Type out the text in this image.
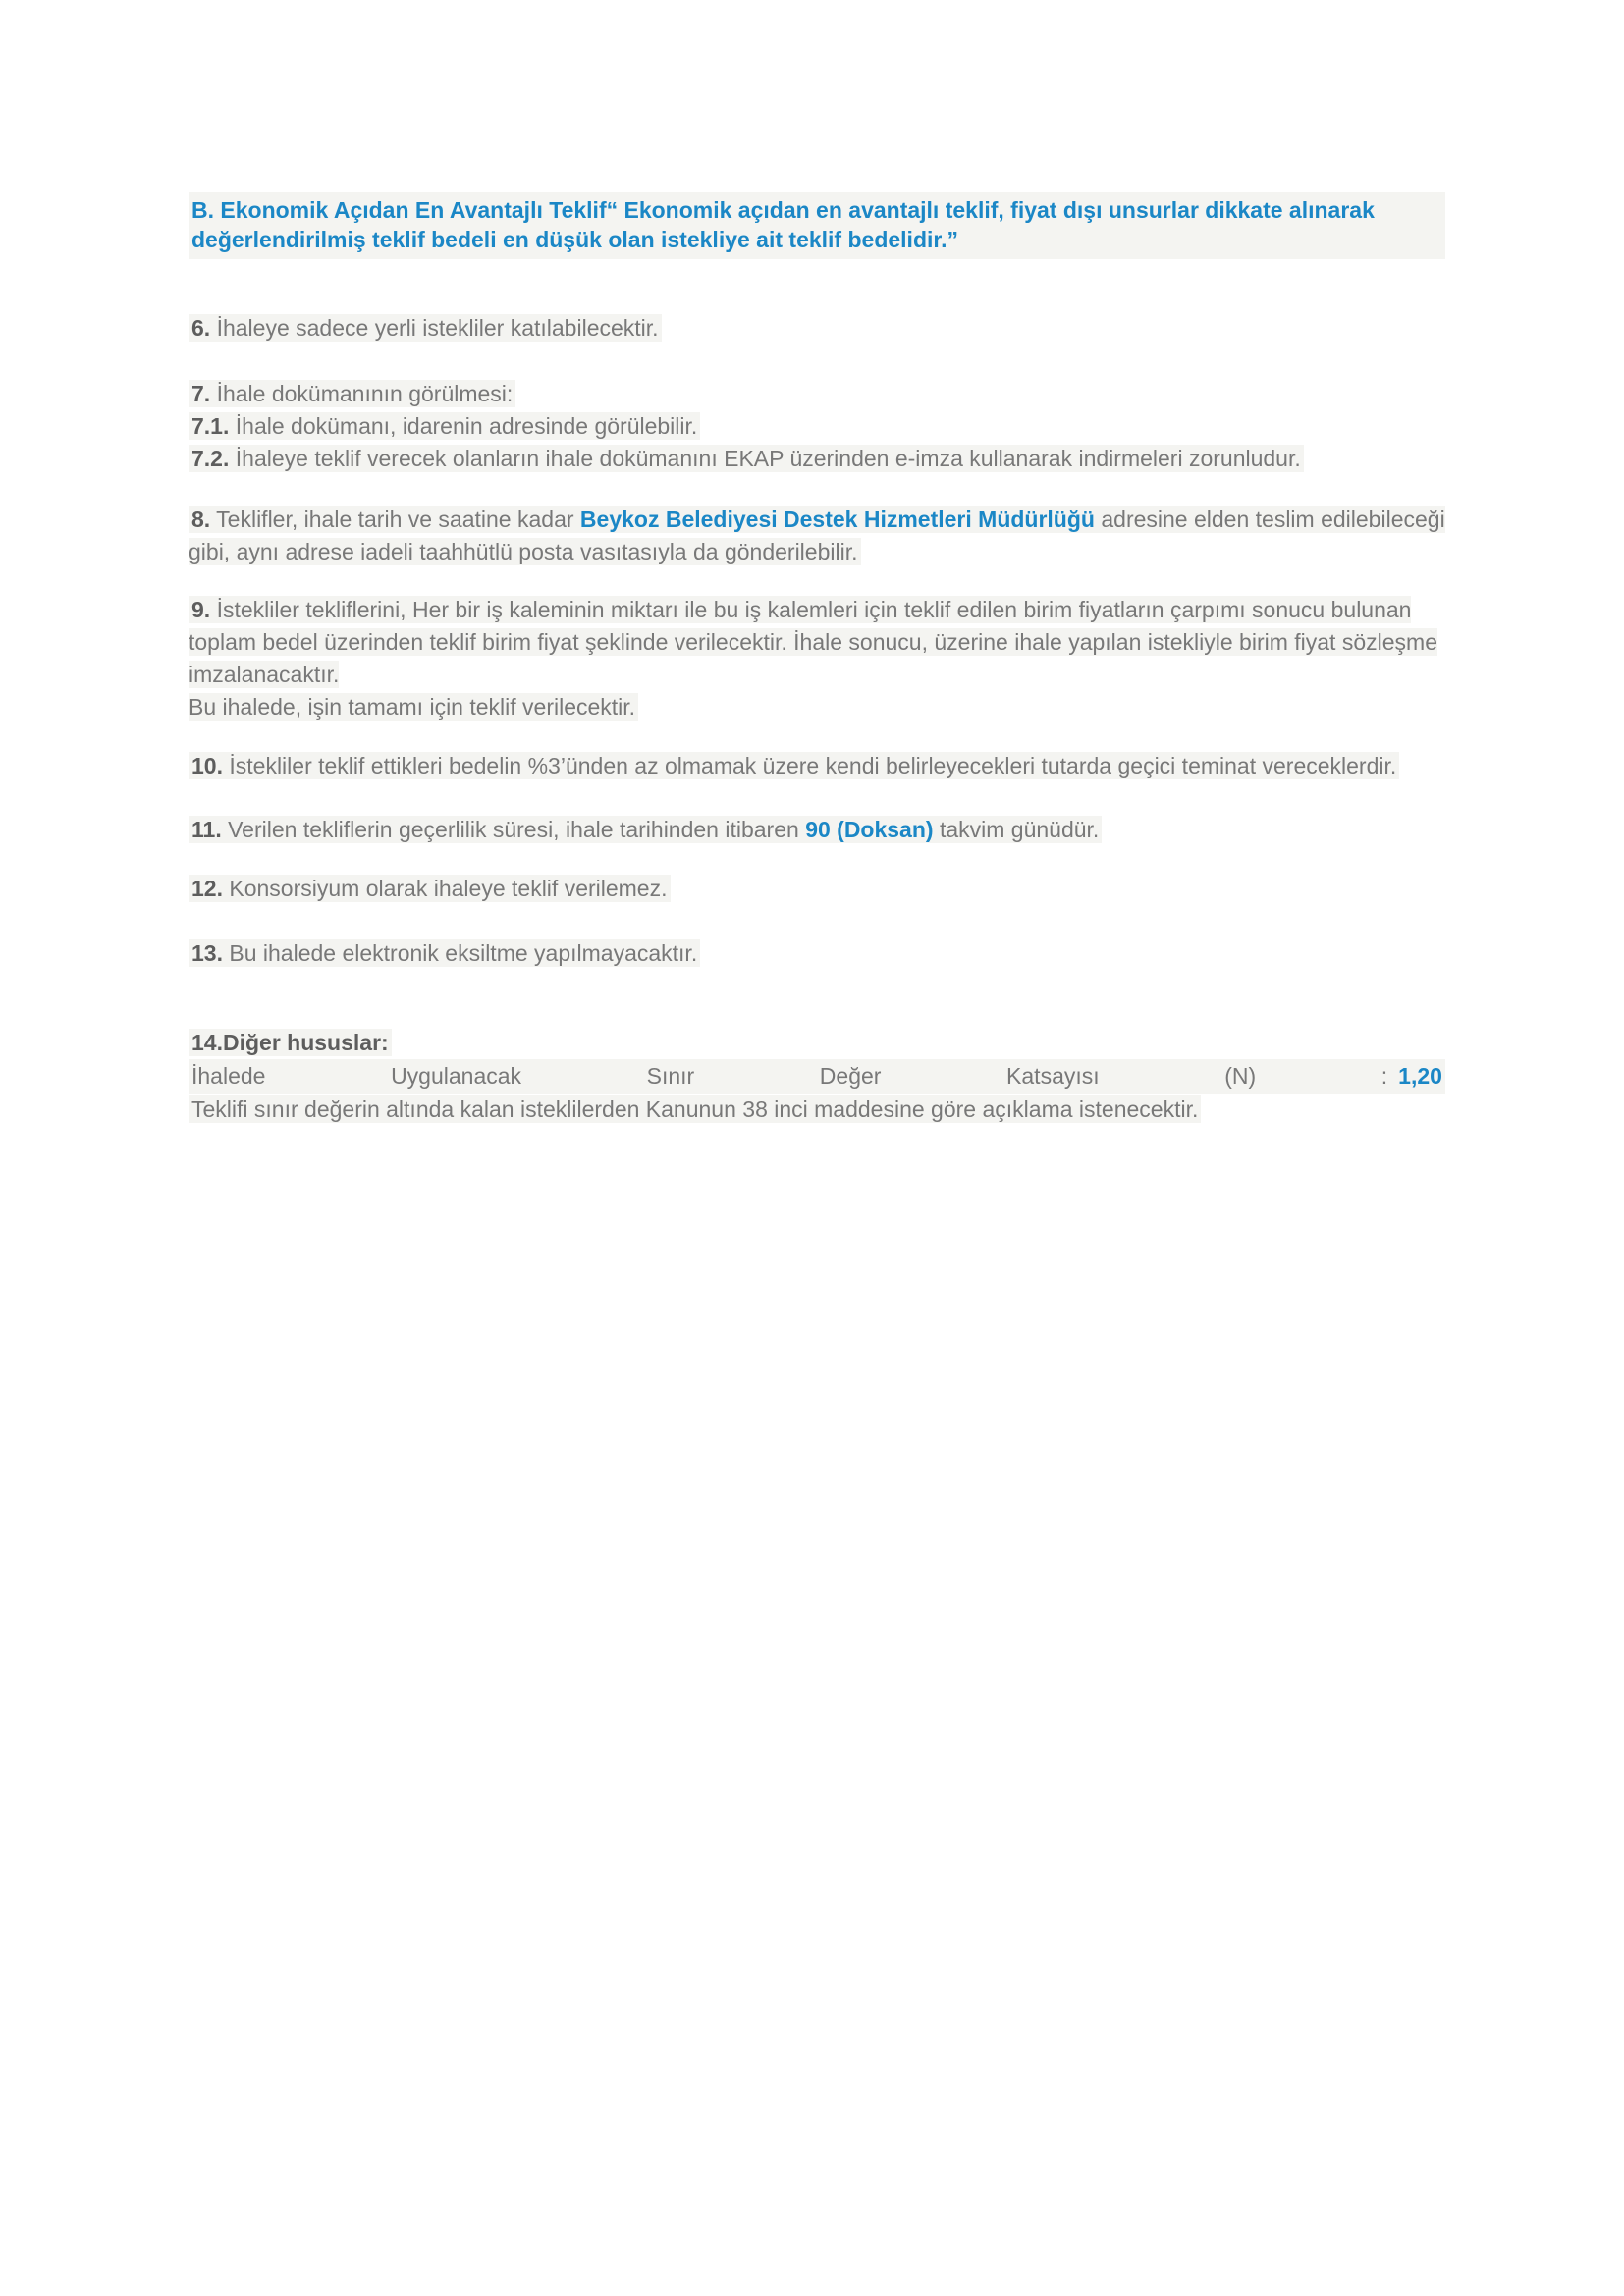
B. Ekonomik Açıdan En Avantajlı Teklif“ Ekonomik açıdan en avantajlı teklif, fiyat dışı unsurlar dikkate alınarak değerlendirilmiş teklif bedeli en düşük olan istekliye ait teklif bedelidir.”

6. İhaleye sadece yerli istekliler katılabilecektir.

7. İhale dokümanının görülmesi:

7.1. İhale dokümanı, idarenin adresinde görülebilir.

7.2. İhaleye teklif verecek olanların ihale dokümanını EKAP üzerinden e-imza kullanarak indirmeleri zorunludur.

8. Teklifler, ihale tarih ve saatine kadar Beykoz Belediyesi Destek Hizmetleri Müdürlüğü adresine elden teslim edilebileceği gibi, aynı adrese iadeli taahhütlü posta vasıtasıyla da gönderilebilir.

9. İstekliler tekliflerini, Her bir iş kaleminin miktarı ile bu iş kalemleri için teklif edilen birim fiyatların çarpımı sonucu bulunan toplam bedel üzerinden teklif birim fiyat şeklinde verilecektir. İhale sonucu, üzerine ihale yapılan istekliyle birim fiyat sözleşme imzalanacaktır.
Bu ihalede, işin tamamı için teklif verilecektir.

10. İstekliler teklif ettikleri bedelin %3’ünden az olmamak üzere kendi belirleyecekleri tutarda geçici teminat vereceklerdir.

11. Verilen tekliflerin geçerlilik süresi, ihale tarihinden itibaren 90 (Doksan) takvim günüdür.

12. Konsorsiyum olarak ihaleye teklif verilemez.

13. Bu ihalede elektronik eksiltme yapılmayacaktır.

14.Diğer hususlar:

İhalede	Uygulanacak	Sınır	Değer	Katsayısı	(N)	: 1,20

Teklifi sınır değerin altında kalan isteklilerden Kanunun 38 inci maddesine göre açıklama istenecektir.
